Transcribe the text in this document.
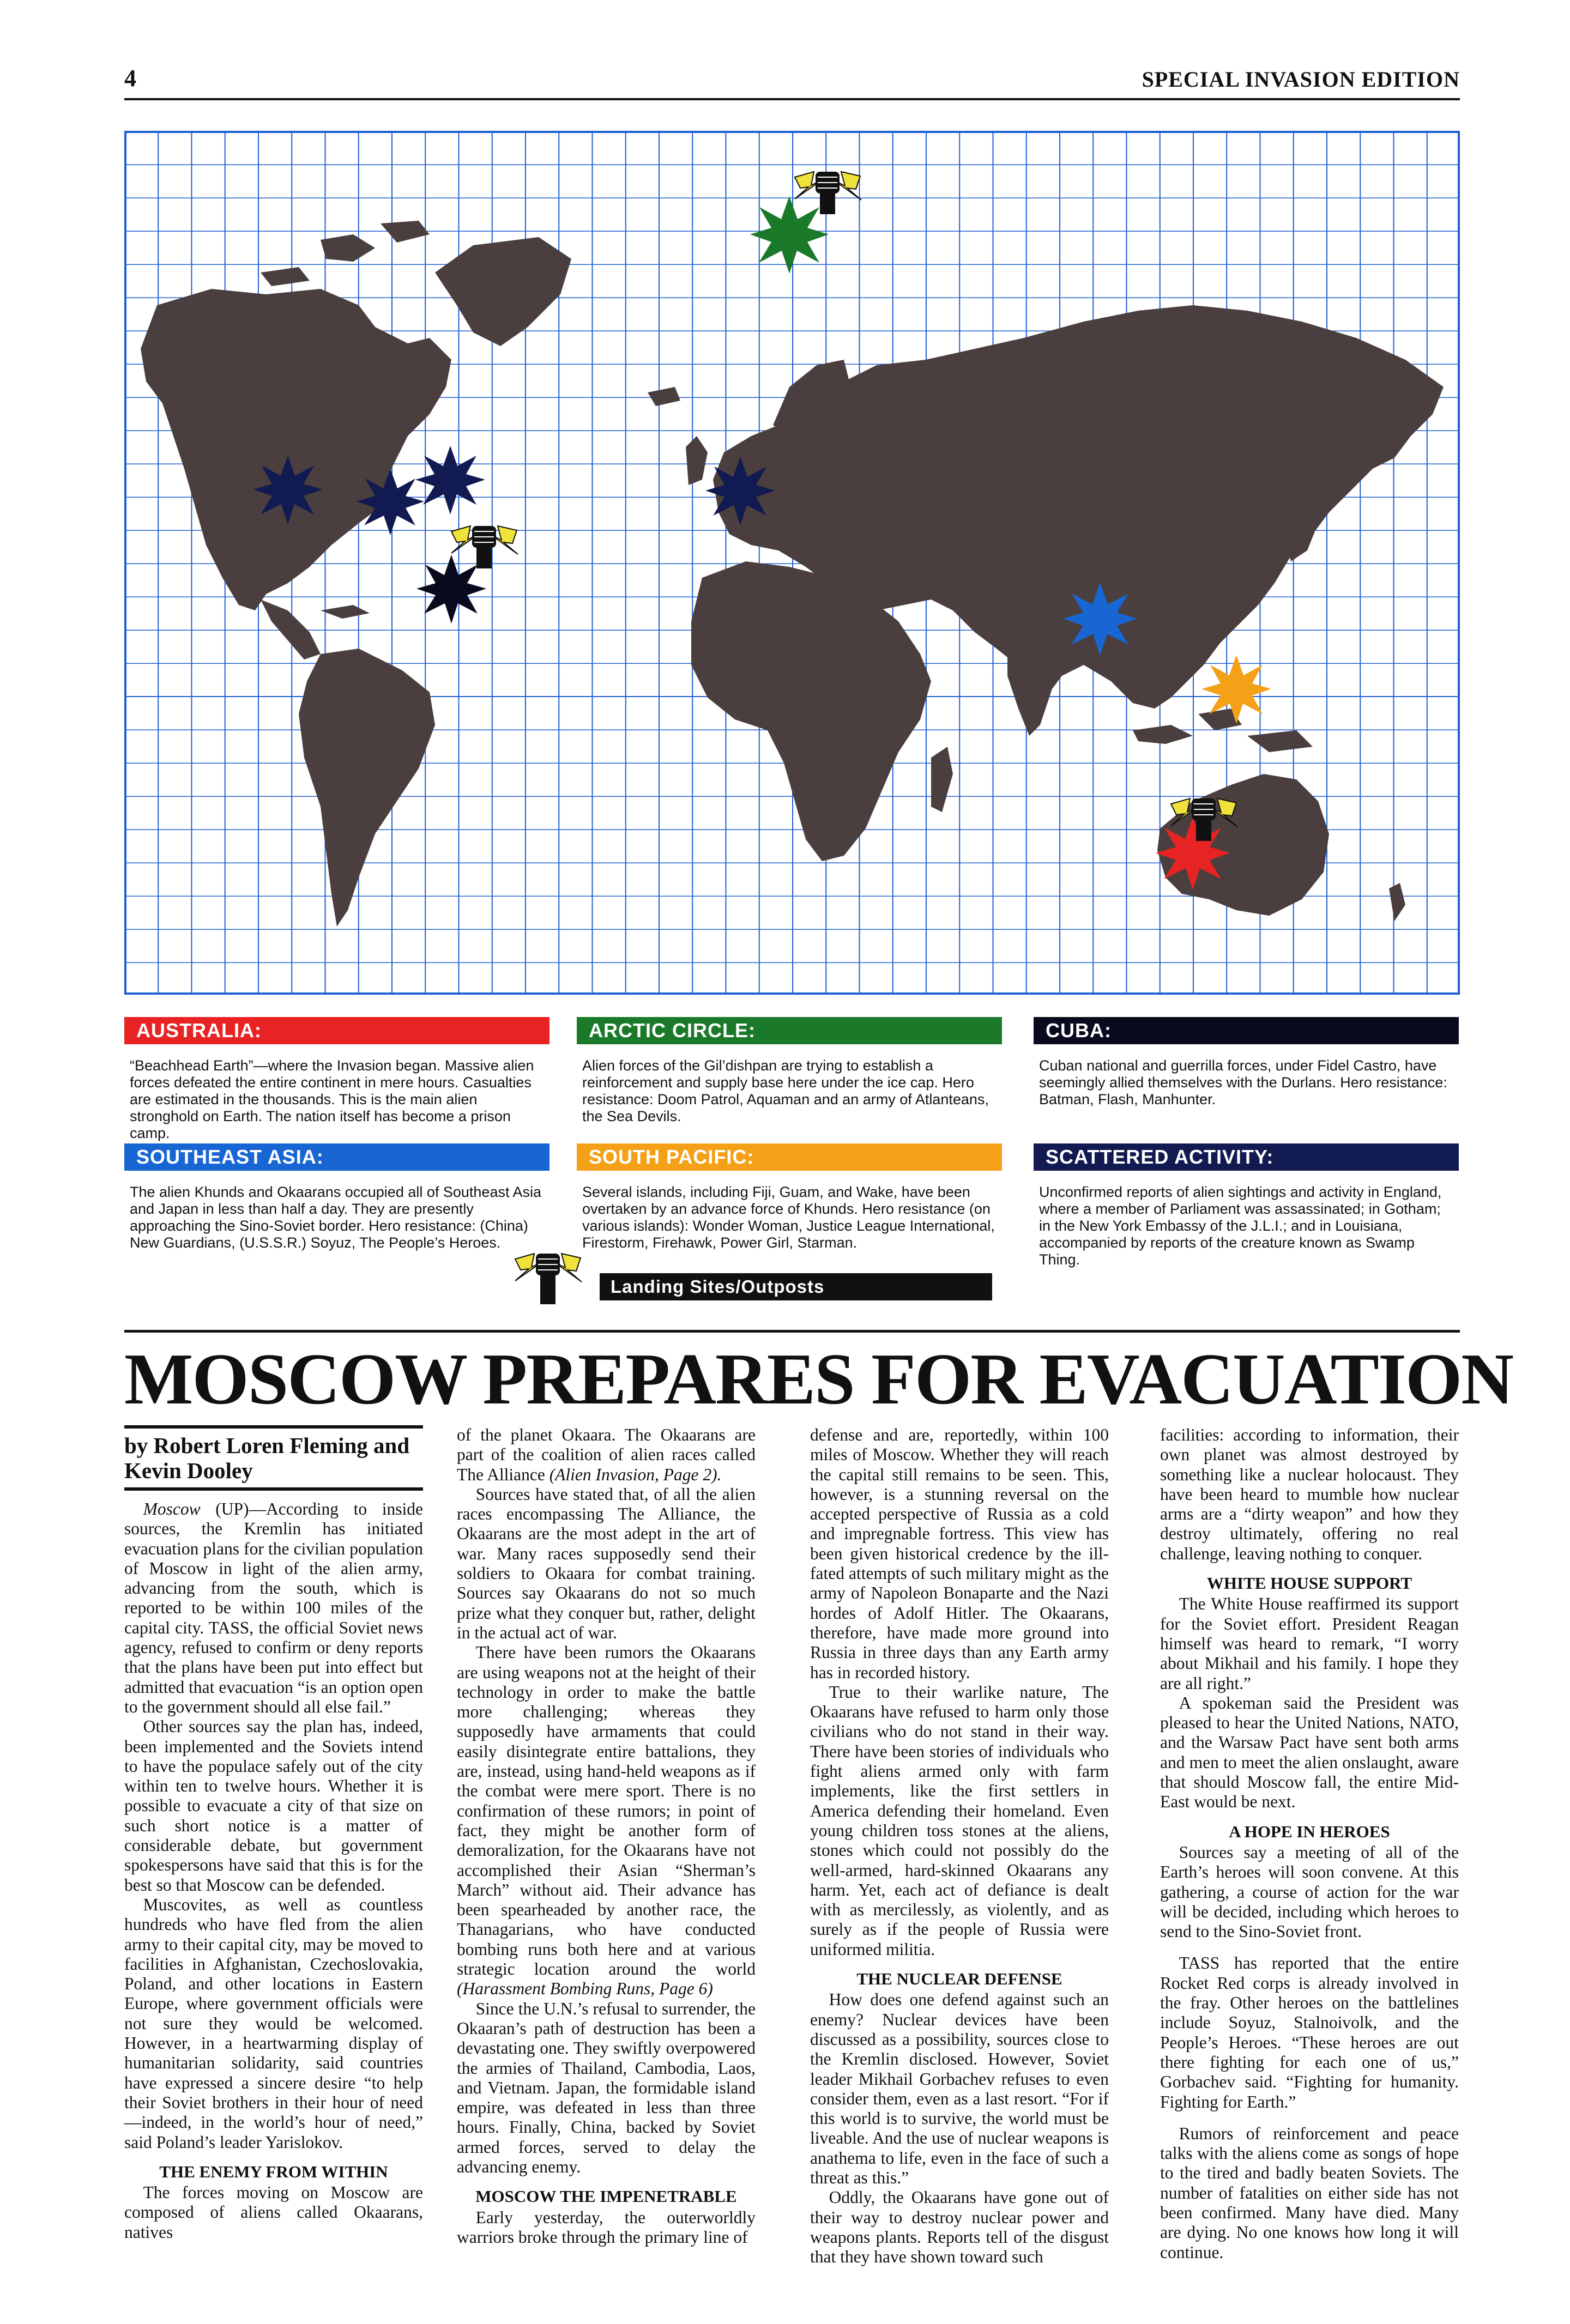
4	SPECIAL INVASION EDITION
AUSTRALIA:
“Beachhead Earth”—where the Invasion began. Massive alien forces defeated the entire continent in mere hours. Casualties are estimated in the thousands. This is the main alien stronghold on Earth. The nation itself has become a prison camp.
ARCTIC CIRCLE:
Alien forces of the Gil’dishpan are trying to establish a reinforcement and supply base here under the ice cap. Hero resistance: Doom Patrol, Aquaman and an army of Atlanteans, the Sea Devils.
CUBA:
Cuban national and guerrilla forces, under Fidel Castro, have seemingly allied themselves with the Durlans. Hero resistance: Batman, Flash, Manhunter.
SOUTHEAST ASIA:
The alien Khunds and Okaarans occupied all of Southeast Asia and Japan in less than half a day. They are presently approaching the Sino-Soviet border. Hero resistance: (China) New Guardians, (U.S.S.R.) Soyuz, The People’s Heroes.
SOUTH PACIFIC:
Several islands, including Fiji, Guam, and Wake, have been overtaken by an advance force of Khunds. Hero resistance (on various islands): Wonder Woman, Justice League International, Firestorm, Firehawk, Power Girl, Starman.
SCATTERED ACTIVITY:
Unconfirmed reports of alien sightings and activity in England, where a member of Parliament was assassinated; in Gotham; in the New York Embassy of the J.L.I.; and in Louisiana, accompanied by reports of the creature known as Swamp Thing.
Landing Sites/Outposts
MOSCOW PREPARES FOR EVACUATION
by Robert Loren Fleming and Kevin Dooley

Moscow (UP)—According to inside sources, the Kremlin has initiated evacuation plans for the civilian population of Moscow in light of the alien army, advancing from the south, which is reported to be within 100 miles of the capital city. TASS, the official Soviet news agency, refused to confirm or deny reports that the plans have been put into effect but admitted that evacuation “is an option open to the government should all else fail.”

Other sources say the plan has, indeed, been implemented and the Soviets intend to have the populace safely out of the city within ten to twelve hours. Whether it is possible to evacuate a city of that size on such short notice is a matter of considerable debate, but government spokespersons have said that this is for the best so that Moscow can be defended.

Muscovites, as well as countless hundreds who have fled from the alien army to their capital city, may be moved to facilities in Afghanistan, Czechoslovakia, Poland, and other locations in Eastern Europe, where government officials were not sure they would be welcomed. However, in a heartwarming display of humanitarian solidarity, said countries have expressed a sincere desire “to help their Soviet brothers in their hour of need—indeed, in the world’s hour of need,” said Poland’s leader Yarislokov.

THE ENEMY FROM WITHIN

The forces moving on Moscow are composed of aliens called Okaarans, natives

of the planet Okaara. The Okaarans are part of the coalition of alien races called The Alliance (Alien Invasion, Page 2).

Sources have stated that, of all the alien races encompassing The Alliance, the Okaarans are the most adept in the art of war. Many races supposedly send their soldiers to Okaara for combat training. Sources say Okaarans do not so much prize what they conquer but, rather, delight in the actual act of war.

There have been rumors the Okaarans are using weapons not at the height of their technology in order to make the battle more challenging; whereas they supposedly have armaments that could easily disintegrate entire battalions, they are, instead, using hand-held weapons as if the combat were mere sport. There is no confirmation of these rumors; in point of fact, they might be another form of demoralization, for the Okaarans have not accomplished their Asian “Sherman’s March” without aid. Their advance has been spearheaded by another race, the Thanagarians, who have conducted bombing runs both here and at various strategic location around the world (Harassment Bombing Runs, Page 6)

Since the U.N.’s refusal to surrender, the Okaaran’s path of destruction has been a devastating one. They swiftly overpowered the armies of Thailand, Cambodia, Laos, and Vietnam. Japan, the formidable island empire, was defeated in less than three hours. Finally, China, backed by Soviet armed forces, served to delay the advancing enemy.

MOSCOW THE IMPENETRABLE

Early yesterday, the outerworldly warriors broke through the primary line of

defense and are, reportedly, within 100 miles of Moscow. Whether they will reach the capital still remains to be seen. This, however, is a stunning reversal on the accepted perspective of Russia as a cold and impregnable fortress. This view has been given historical credence by the ill-fated attempts of such military might as the army of Napoleon Bonaparte and the Nazi hordes of Adolf Hitler. The Okaarans, therefore, have made more ground into Russia in three days than any Earth army has in recorded history.

True to their warlike nature, The Okaarans have refused to harm only those civilians who do not stand in their way. There have been stories of individuals who fight aliens armed only with farm implements, like the first settlers in America defending their homeland. Even young children toss stones at the aliens, stones which could not possibly do the well-armed, hard-skinned Okaarans any harm. Yet, each act of defiance is dealt with as mercilessly, as violently, and as surely as if the people of Russia were uniformed militia.

THE NUCLEAR DEFENSE

How does one defend against such an enemy? Nuclear devices have been discussed as a possibility, sources close to the Kremlin disclosed. However, Soviet leader Mikhail Gorbachev refuses to even consider them, even as a last resort. “For if this world is to survive, the world must be liveable. And the use of nuclear weapons is anathema to life, even in the face of such a threat as this.”

Oddly, the Okaarans have gone out of their way to destroy nuclear power and weapons plants. Reports tell of the disgust that they have shown toward such

facilities: according to information, their own planet was almost destroyed by something like a nuclear holocaust. They have been heard to mumble how nuclear arms are a “dirty weapon” and how they destroy ultimately, offering no real challenge, leaving nothing to conquer.

WHITE HOUSE SUPPORT

The White House reaffirmed its support for the Soviet effort. President Reagan himself was heard to remark, “I worry about Mikhail and his family. I hope they are all right.”

A spokeman said the President was pleased to hear the United Nations, NATO, and the Warsaw Pact have sent both arms and men to meet the alien onslaught, aware that should Moscow fall, the entire Mid-East would be next.

A HOPE IN HEROES

Sources say a meeting of all of the Earth’s heroes will soon convene. At this gathering, a course of action for the war will be decided, including which heroes to send to the Sino-Soviet front.

TASS has reported that the entire Rocket Red corps is already involved in the fray. Other heroes on the battlelines include Soyuz, Stalnoivolk, and the People’s Heroes. “These heroes are out there fighting for each one of us,” Gorbachev said. “Fighting for humanity. Fighting for Earth.”

Rumors of reinforcement and peace talks with the aliens come as songs of hope to the tired and badly beaten Soviets. The number of fatalities on either side has not been confirmed. Many have died. Many are dying. No one knows how long it will continue.
